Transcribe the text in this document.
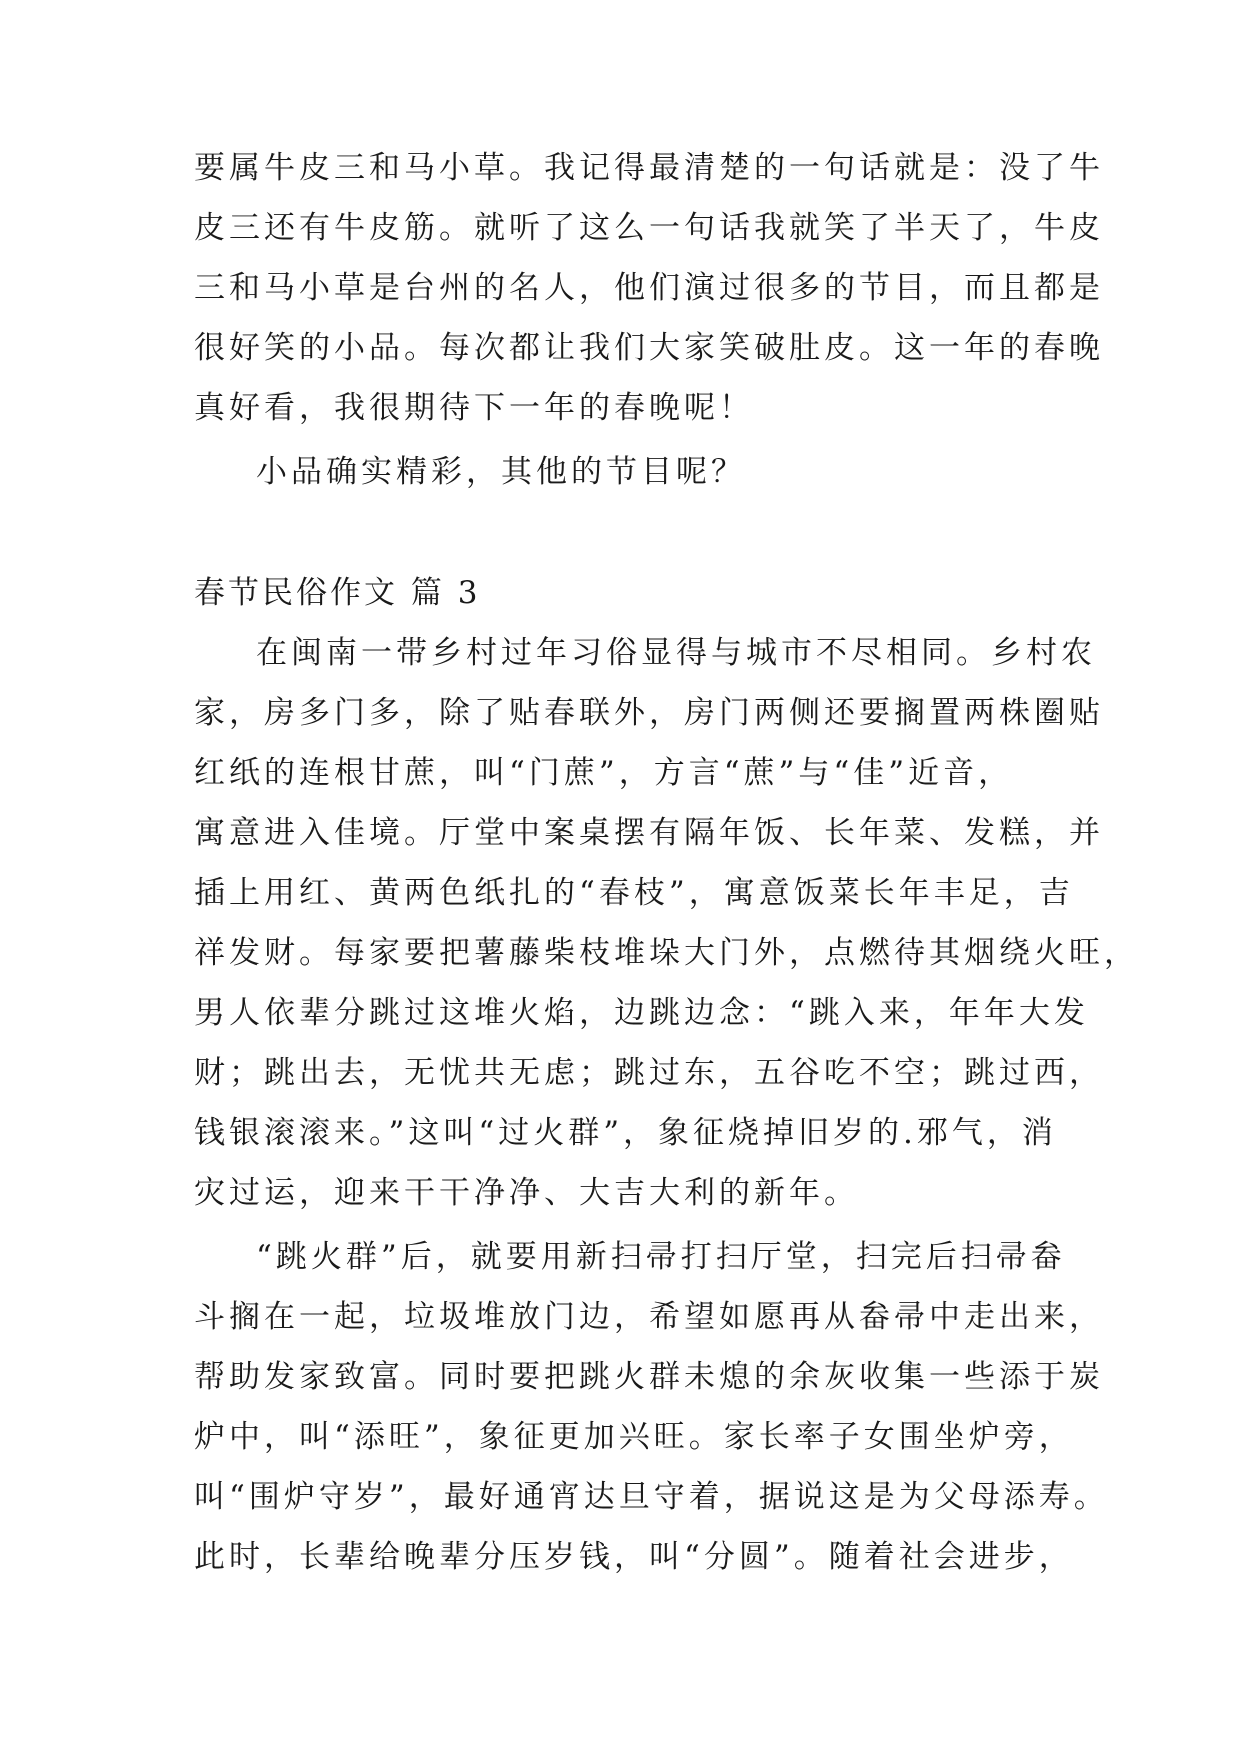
要属牛皮三和马小草。我记得最清楚的一句话就是：没了牛
皮三还有牛皮筋。就听了这么一句话我就笑了半天了，牛皮
三和马小草是台州的名人，他们演过很多的节目，而且都是
很好笑的小品。每次都让我们大家笑破肚皮。这一年的春晚
真好看，我很期待下一年的春晚呢！
小品确实精彩，其他的节目呢？
春节民俗作文 篇 3
在闽南一带乡村过年习俗显得与城市不尽相同。乡村农
家，房多门多，除了贴春联外，房门两侧还要搁置两株圈贴
红纸的连根甘蔗，叫“门蔗”，方言“蔗”与“佳”近音，
寓意进入佳境。厅堂中案桌摆有隔年饭、长年菜、发糕，并
插上用红、黄两色纸扎的“春枝”，寓意饭菜长年丰足，吉
祥发财。每家要把薯藤柴枝堆垛大门外，点燃待其烟绕火旺，
男人依辈分跳过这堆火焰，边跳边念：“跳入来，年年大发
财；跳出去，无忧共无虑；跳过东，五谷吃不空；跳过西，
钱银滚滚来。”这叫“过火群”，象征烧掉旧岁的.邪气，消
灾过运，迎来干干净净、大吉大利的新年。
“跳火群”后，就要用新扫帚打扫厅堂，扫完后扫帚畚
斗搁在一起，垃圾堆放门边，希望如愿再从畚帚中走出来，
帮助发家致富。同时要把跳火群未熄的余灰收集一些添于炭
炉中，叫“添旺”，象征更加兴旺。家长率子女围坐炉旁，
叫“围炉守岁”，最好通宵达旦守着，据说这是为父母添寿。
此时，长辈给晚辈分压岁钱，叫“分圆”。随着社会进步，
